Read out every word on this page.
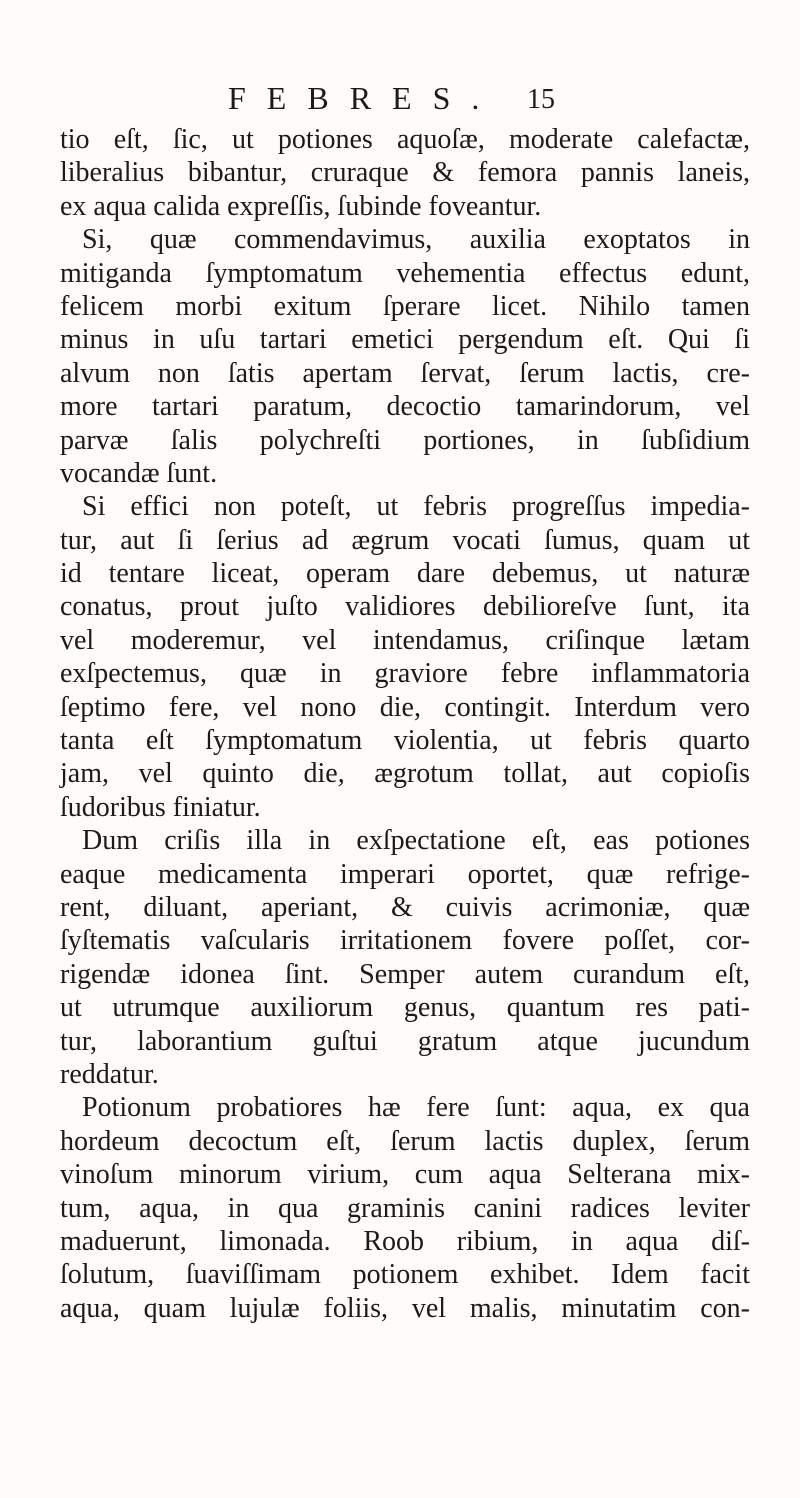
FEBRES. 15
tio eſt, ſic, ut potiones aquoſæ, moderate calefactæ,
liberalius bibantur, cruraque & femora pannis laneis,
ex aqua calida expreſſis, ſubinde foveantur.
Si, quæ commendavimus, auxilia exoptatos in
mitiganda ſymptomatum vehementia effectus edunt,
felicem morbi exitum ſperare licet. Nihilo tamen
minus in uſu tartari emetici pergendum eſt. Qui ſi
alvum non ſatis apertam ſervat, ſerum lactis, cre-
more tartari paratum, decoctio tamarindorum, vel
parvæ ſalis polychreſti portiones, in ſubſidium
vocandæ ſunt.
Si effici non poteſt, ut febris progreſſus impedia-
tur, aut ſi ſerius ad ægrum vocati ſumus, quam ut
id tentare liceat, operam dare debemus, ut naturæ
conatus, prout juſto validiores debilioreſve ſunt, ita
vel moderemur, vel intendamus, criſinque lætam
exſpectemus, quæ in graviore febre inflammatoria
ſeptimo fere, vel nono die, contingit. Interdum vero
tanta eſt ſymptomatum violentia, ut febris quarto
jam, vel quinto die, ægrotum tollat, aut copioſis
ſudoribus finiatur.
Dum criſis illa in exſpectatione eſt, eas potiones
eaque medicamenta imperari oportet, quæ refrige-
rent, diluant, aperiant, & cuivis acrimoniæ, quæ
ſyſtematis vaſcularis irritationem fovere poſſet, cor-
rigendæ idonea ſint. Semper autem curandum eſt,
ut utrumque auxiliorum genus, quantum res pati-
tur, laborantium guſtui gratum atque jucundum
reddatur.
Potionum probatiores hæ fere ſunt: aqua, ex qua
hordeum decoctum eſt, ſerum lactis duplex, ſerum
vinoſum minorum virium, cum aqua Selterana mix-
tum, aqua, in qua graminis canini radices leviter
maduerunt, limonada. Roob ribium, in aqua diſ-
ſolutum, ſuaviſſimam potionem exhibet. Idem facit
aqua, quam lujulæ foliis, vel malis, minutatim con-
